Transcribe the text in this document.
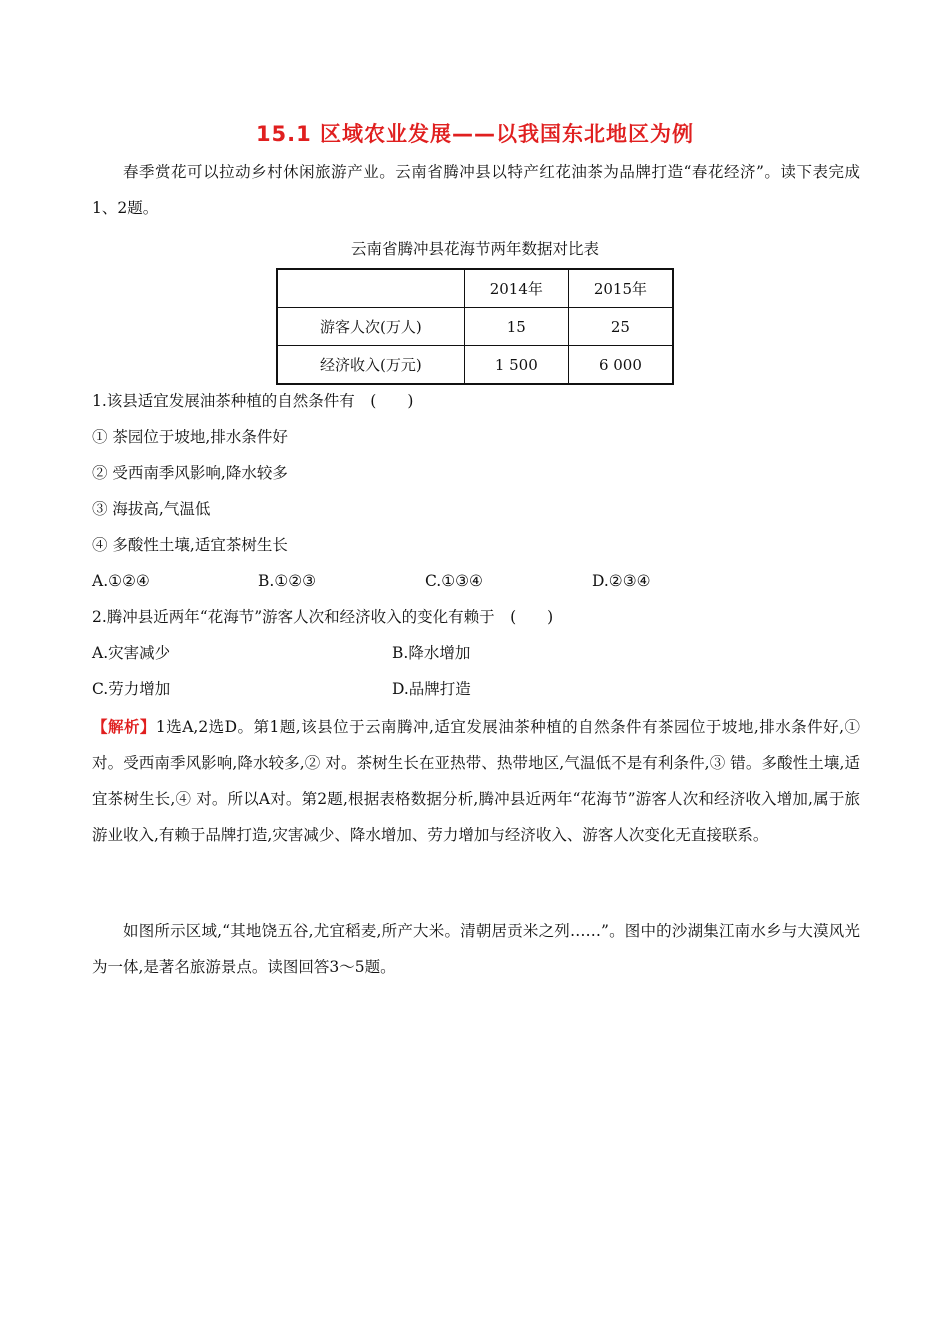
15.1 区域农业发展——以我国东北地区为例
春季赏花可以拉动乡村休闲旅游产业。云南省腾冲县以特产红花油茶为品牌打造“春花经济”。读下表完成1、2题。
云南省腾冲县花海节两年数据对比表
	2014年	2015年
游客人次(万人)	15	25
经济收入(万元)	1 500	6 000
1.该县适宜发展油茶种植的自然条件有　(　　)
① 茶园位于坡地,排水条件好
② 受西南季风影响,降水较多
③ 海拔高,气温低
④ 多酸性土壤,适宜茶树生长
A.①②④	B.①②③	C.①③④	D.②③④
2.腾冲县近两年“花海节”游客人次和经济收入的变化有赖于　(　　)
A.灾害减少	B.降水增加
C.劳力增加	D.品牌打造
【解析】1选A,2选D。第1题,该县位于云南腾冲,适宜发展油茶种植的自然条件有茶园位于坡地,排水条件好,① 对。受西南季风影响,降水较多,② 对。茶树生长在亚热带、热带地区,气温低不是有利条件,③ 错。多酸性土壤,适宜茶树生长,④ 对。所以A对。第2题,根据表格数据分析,腾冲县近两年“花海节”游客人次和经济收入增加,属于旅游业收入,有赖于品牌打造,灾害减少、降水增加、劳力增加与经济收入、游客人次变化无直接联系。
如图所示区域,“其地饶五谷,尤宜稻麦,所产大米。清朝居贡米之列……”。图中的沙湖集江南水乡与大漠风光为一体,是著名旅游景点。读图回答3～5题。
